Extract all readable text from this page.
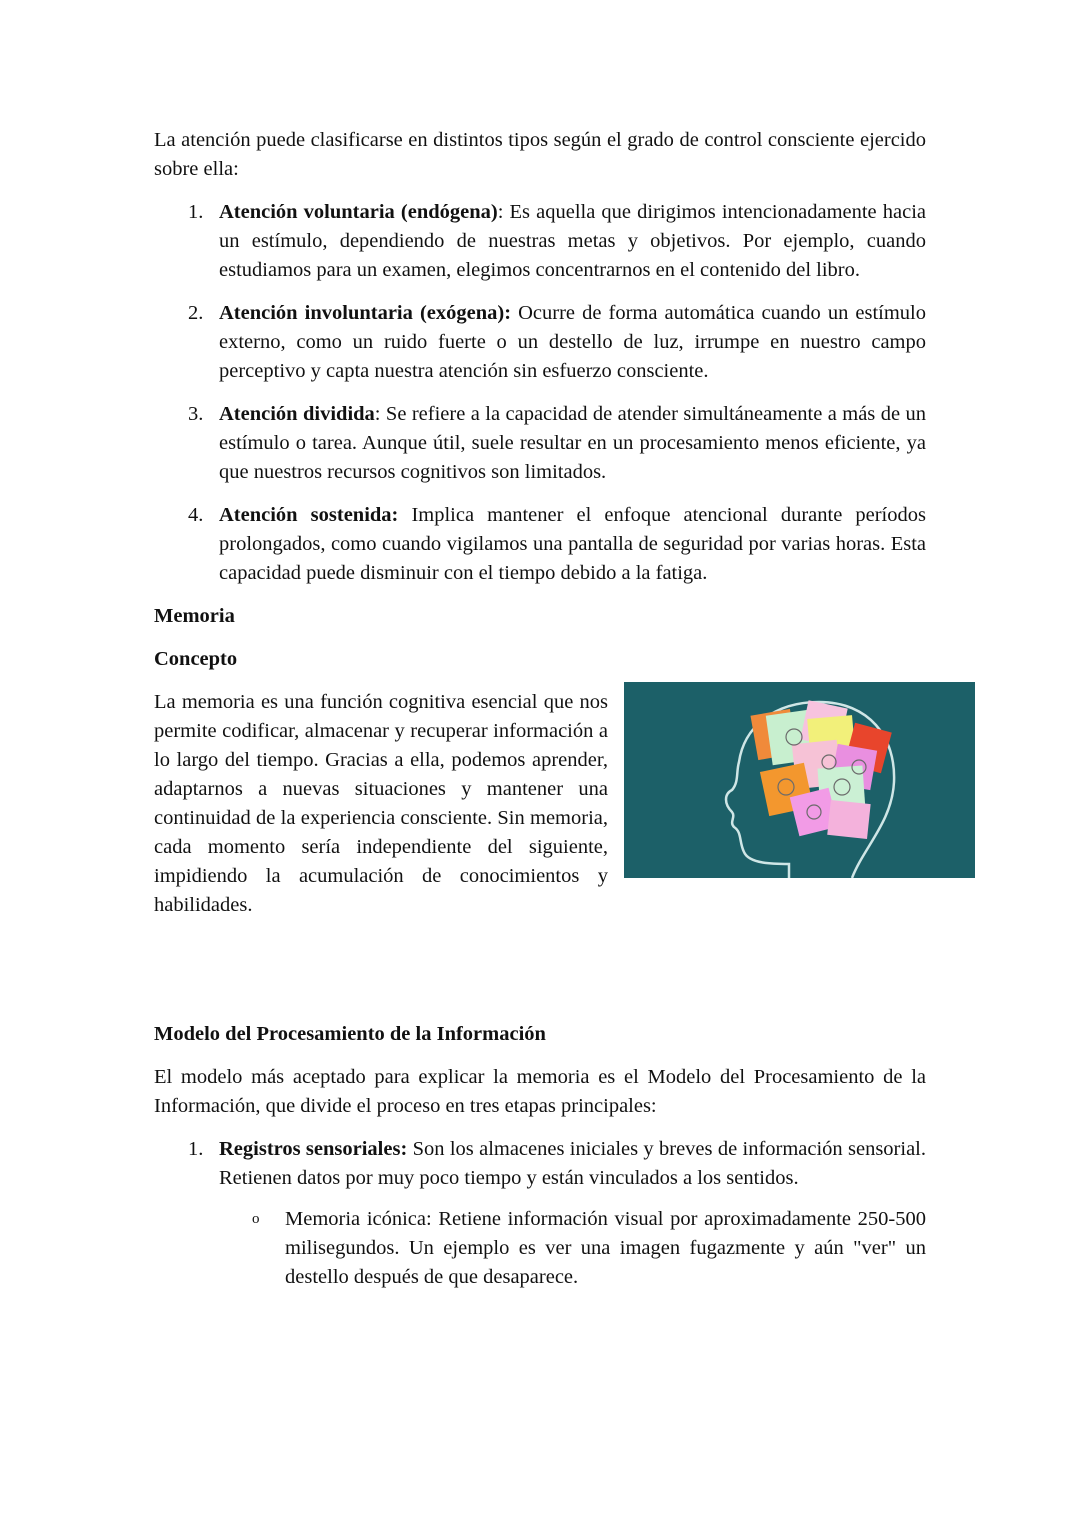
La atención puede clasificarse en distintos tipos según el grado de control consciente ejercido sobre ella:

1. Atención voluntaria (endógena): Es aquella que dirigimos intencionadamente hacia un estímulo, dependiendo de nuestras metas y objetivos. Por ejemplo, cuando estudiamos para un examen, elegimos concentrarnos en el contenido del libro.
2. Atención involuntaria (exógena): Ocurre de forma automática cuando un estímulo externo, como un ruido fuerte o un destello de luz, irrumpe en nuestro campo perceptivo y capta nuestra atención sin esfuerzo consciente.
3. Atención dividida: Se refiere a la capacidad de atender simultáneamente a más de un estímulo o tarea. Aunque útil, suele resultar en un procesamiento menos eficiente, ya que nuestros recursos cognitivos son limitados.
4. Atención sostenida: Implica mantener el enfoque atencional durante períodos prolongados, como cuando vigilamos una pantalla de seguridad por varias horas. Esta capacidad puede disminuir con el tiempo debido a la fatiga.
Memoria
Concepto

La memoria es una función cognitiva esencial que nos permite codificar, almacenar y recuperar información a lo largo del tiempo. Gracias a ella, podemos aprender, adaptarnos a nuevas situaciones y mantener una continuidad de la experiencia consciente. Sin memoria, cada momento sería independiente del siguiente, impidiendo la acumulación de conocimientos y habilidades.

Modelo del Procesamiento de la Información

El modelo más aceptado para explicar la memoria es el Modelo del Procesamiento de la Información, que divide el proceso en tres etapas principales:

1. Registros sensoriales: Son los almacenes iniciales y breves de información sensorial. Retienen datos por muy poco tiempo y están vinculados a los sentidos.
o Memoria icónica: Retiene información visual por aproximadamente 250-500 milisegundos. Un ejemplo es ver una imagen fugazmente y aún "ver" un destello después de que desaparece.
